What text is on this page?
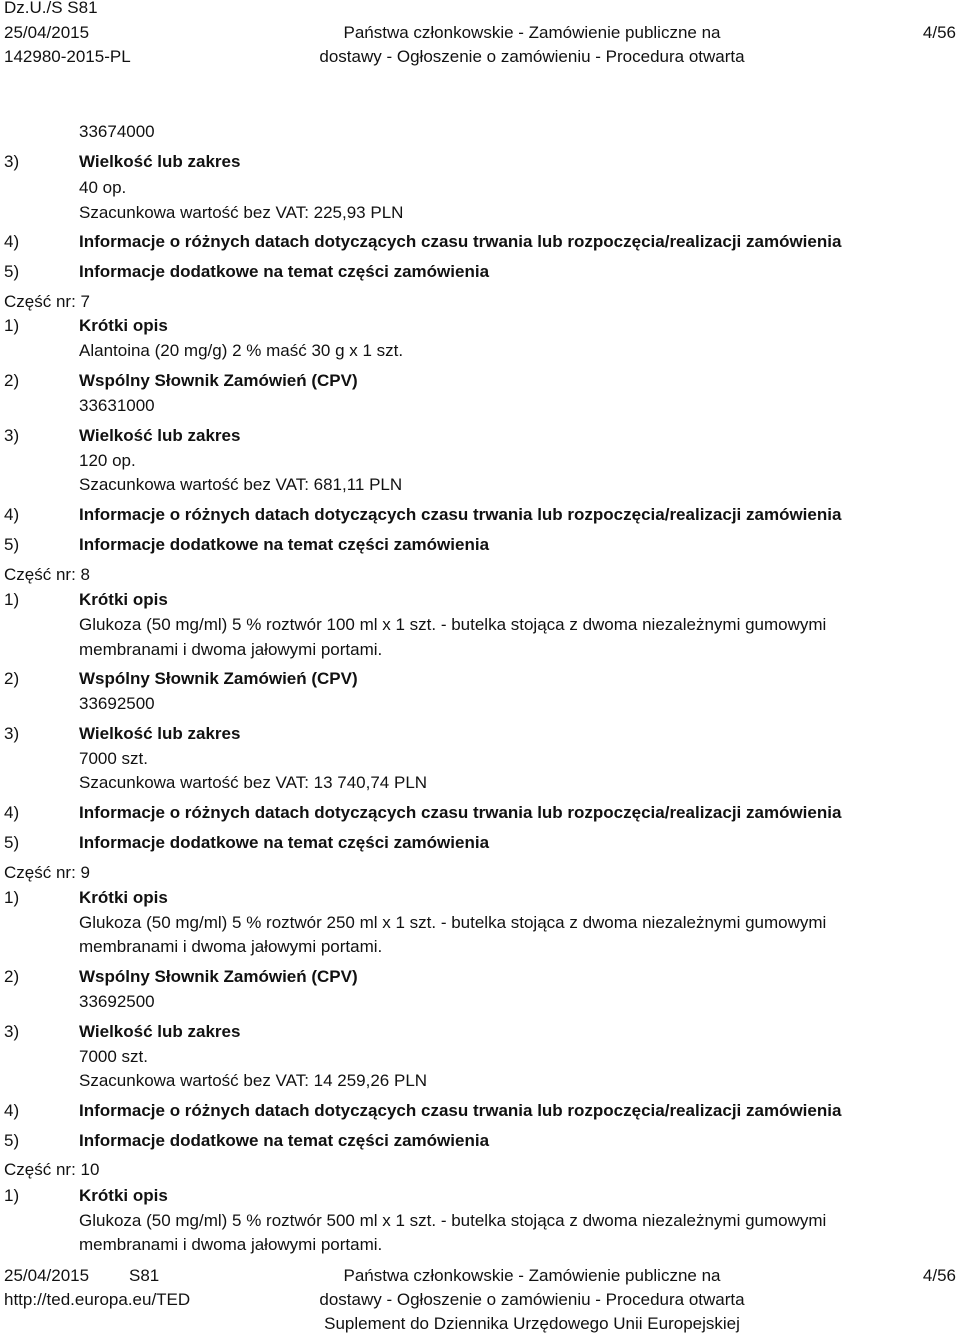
Dz.U./S S81
25/04/2015
142980-2015-PL
Państwa członkowskie - Zamówienie publiczne na
dostawy - Ogłoszenie o zamówieniu - Procedura otwarta
4/56
33674000
3)	Wielkość lub zakres
40 op.
Szacunkowa wartość bez VAT: 225,93 PLN
4)	Informacje o różnych datach dotyczących czasu trwania lub rozpoczęcia/realizacji zamówienia
5)	Informacje dodatkowe na temat części zamówienia
Część nr: 7
1)	Krótki opis
Alantoina (20 mg/g) 2 % maść 30 g x 1 szt.
2)	Wspólny Słownik Zamówień (CPV)
33631000
3)	Wielkość lub zakres
120 op.
Szacunkowa wartość bez VAT: 681,11 PLN
4)	Informacje o różnych datach dotyczących czasu trwania lub rozpoczęcia/realizacji zamówienia
5)	Informacje dodatkowe na temat części zamówienia
Część nr: 8
1)	Krótki opis
Glukoza (50 mg/ml) 5 % roztwór 100 ml x 1 szt. - butelka stojąca z dwoma niezależnymi gumowymi
membranami i dwoma jałowymi portami.
2)	Wspólny Słownik Zamówień (CPV)
33692500
3)	Wielkość lub zakres
7000 szt.
Szacunkowa wartość bez VAT: 13 740,74 PLN
4)	Informacje o różnych datach dotyczących czasu trwania lub rozpoczęcia/realizacji zamówienia
5)	Informacje dodatkowe na temat części zamówienia
Część nr: 9
1)	Krótki opis
Glukoza (50 mg/ml) 5 % roztwór 250 ml x 1 szt. - butelka stojąca z dwoma niezależnymi gumowymi
membranami i dwoma jałowymi portami.
2)	Wspólny Słownik Zamówień (CPV)
33692500
3)	Wielkość lub zakres
7000 szt.
Szacunkowa wartość bez VAT: 14 259,26 PLN
4)	Informacje o różnych datach dotyczących czasu trwania lub rozpoczęcia/realizacji zamówienia
5)	Informacje dodatkowe na temat części zamówienia
Część nr: 10
1)	Krótki opis
Glukoza (50 mg/ml) 5 % roztwór 500 ml x 1 szt. - butelka stojąca z dwoma niezależnymi gumowymi
membranami i dwoma jałowymi portami.
25/04/2015 S81
http://ted.europa.eu/TED
Państwa członkowskie - Zamówienie publiczne na
dostawy - Ogłoszenie o zamówieniu - Procedura otwarta
Suplement do Dziennika Urzędowego Unii Europejskiej
4/56
